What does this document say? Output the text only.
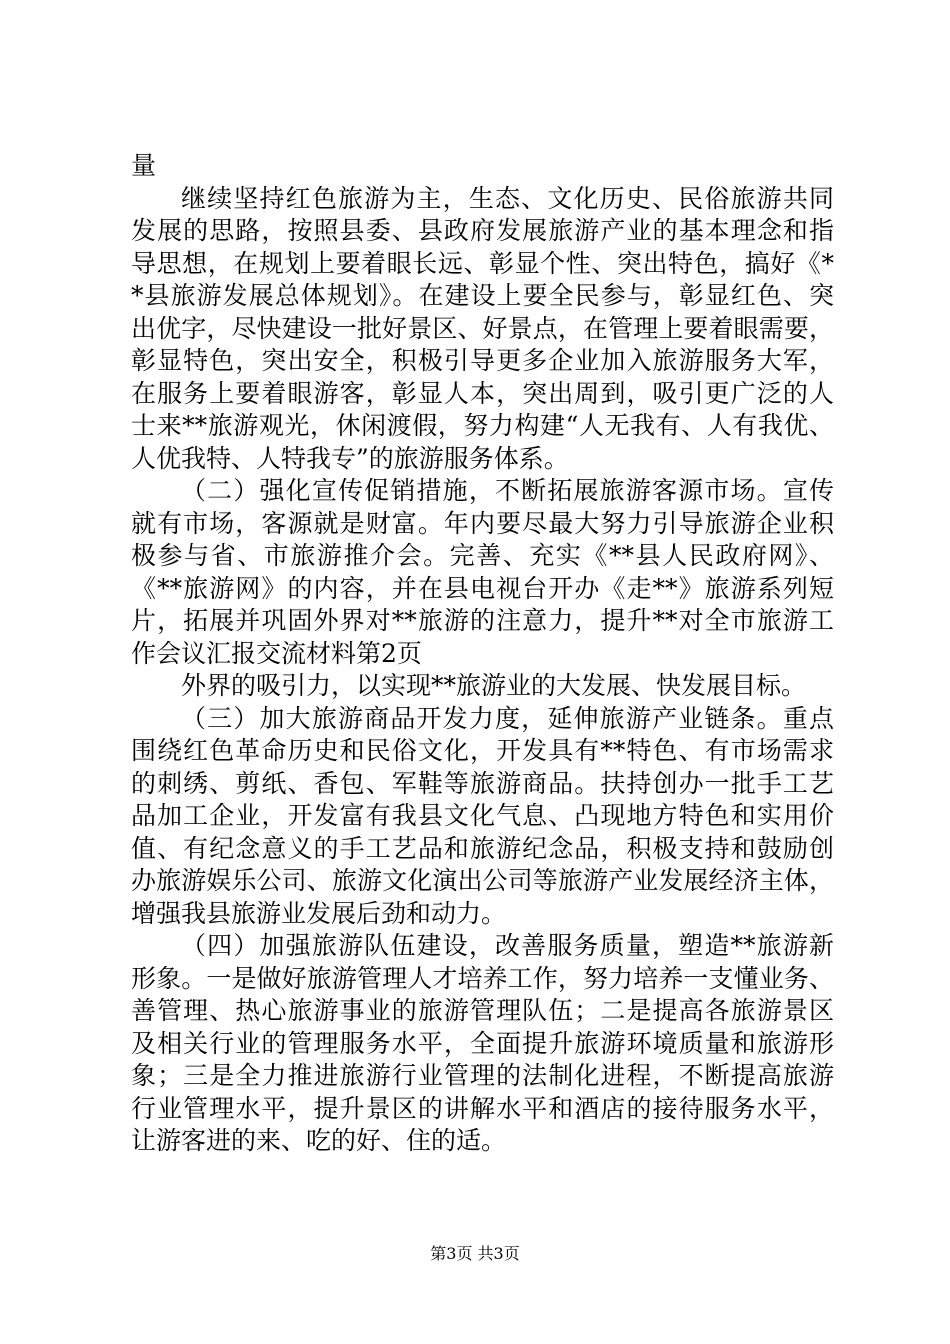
量

继续坚持红色旅游为主，生态、文化历史、民俗旅游共同

发展的思路，按照县委、县政府发展旅游产业的基本理念和指

导思想，在规划上要着眼长远、彰显个性、突出特色，搞好《*

*县旅游发展总体规划》。在建设上要全民参与，彰显红色、突

出优字，尽快建设一批好景区、好景点，在管理上要着眼需要，

彰显特色，突出安全，积极引导更多企业加入旅游服务大军，

在服务上要着眼游客，彰显人本，突出周到，吸引更广泛的人

士来**旅游观光，休闲渡假，努力构建“人无我有、人有我优、

人优我特、人特我专”的旅游服务体系。

（二）强化宣传促销措施，不断拓展旅游客源市场。宣传

就有市场，客源就是财富。年内要尽最大努力引导旅游企业积

极参与省、市旅游推介会。完善、充实《**县人民政府网》、

《**旅游网》的内容，并在县电视台开办《走**》旅游系列短

片，拓展并巩固外界对**旅游的注意力，提升**对全市旅游工

作会议汇报交流材料第2页

外界的吸引力，以实现**旅游业的大发展、快发展目标。

（三）加大旅游商品开发力度，延伸旅游产业链条。重点

围绕红色革命历史和民俗文化，开发具有**特色、有市场需求

的刺绣、剪纸、香包、军鞋等旅游商品。扶持创办一批手工艺

品加工企业，开发富有我县文化气息、凸现地方特色和实用价

值、有纪念意义的手工艺品和旅游纪念品，积极支持和鼓励创

办旅游娱乐公司、旅游文化演出公司等旅游产业发展经济主体，

增强我县旅游业发展后劲和动力。

（四）加强旅游队伍建设，改善服务质量，塑造**旅游新

形象。一是做好旅游管理人才培养工作，努力培养一支懂业务、

善管理、热心旅游事业的旅游管理队伍；二是提高各旅游景区

及相关行业的管理服务水平，全面提升旅游环境质量和旅游形

象；三是全力推进旅游行业管理的法制化进程，不断提高旅游

行业管理水平，提升景区的讲解水平和酒店的接待服务水平，

让游客进的来、吃的好、住的适。

第3页 共3页
